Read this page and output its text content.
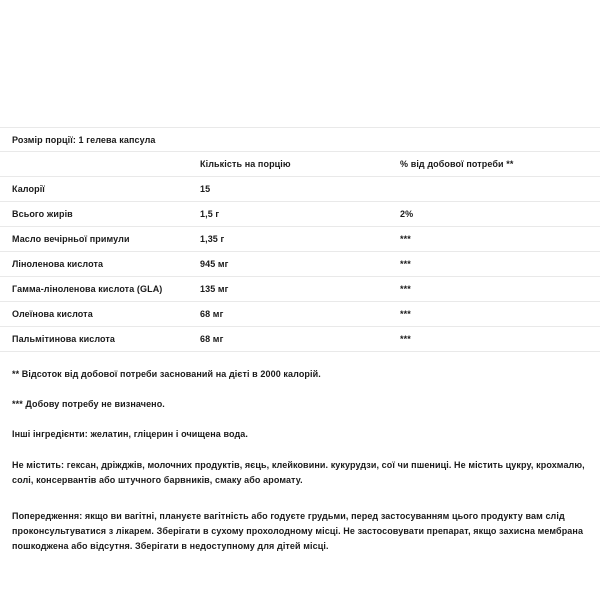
Розмір порції: 1 гелева капсула		
	Кількість на порцію	% від добової потреби **
Калорії	15	
Всього жирів	1,5 г	2%
Масло вечірньої примули	1,35 г	***
Ліноленова кислота	945 мг	***
Гамма-ліноленова кислота (GLA)	135 мг	***
Олеїнова кислота	68 мг	***
Пальмітинова кислота	68 мг	***
** Відсоток від добової потреби заснований на дієті в 2000 калорій.
*** Добову потребу не визначено.
Інші інгредієнти: желатин, гліцерин і очищена вода.
Не містить: гексан, дріжджів, молочних продуктів, яєць, клейковини. кукурудзи, сої чи пшениці. Не містить цукру, крохмалю, солі, консервантів або штучного барвників, смаку або аромату.
Попередження: якщо ви вагітні, плануєте вагітність або годуєте грудьми, перед застосуванням цього продукту вам слід проконсультуватися з лікарем. Зберігати в сухому прохолодному місці. Не застосовувати препарат, якщо захисна мембрана пошкоджена або відсутня. Зберігати в недоступному для дітей місці.
